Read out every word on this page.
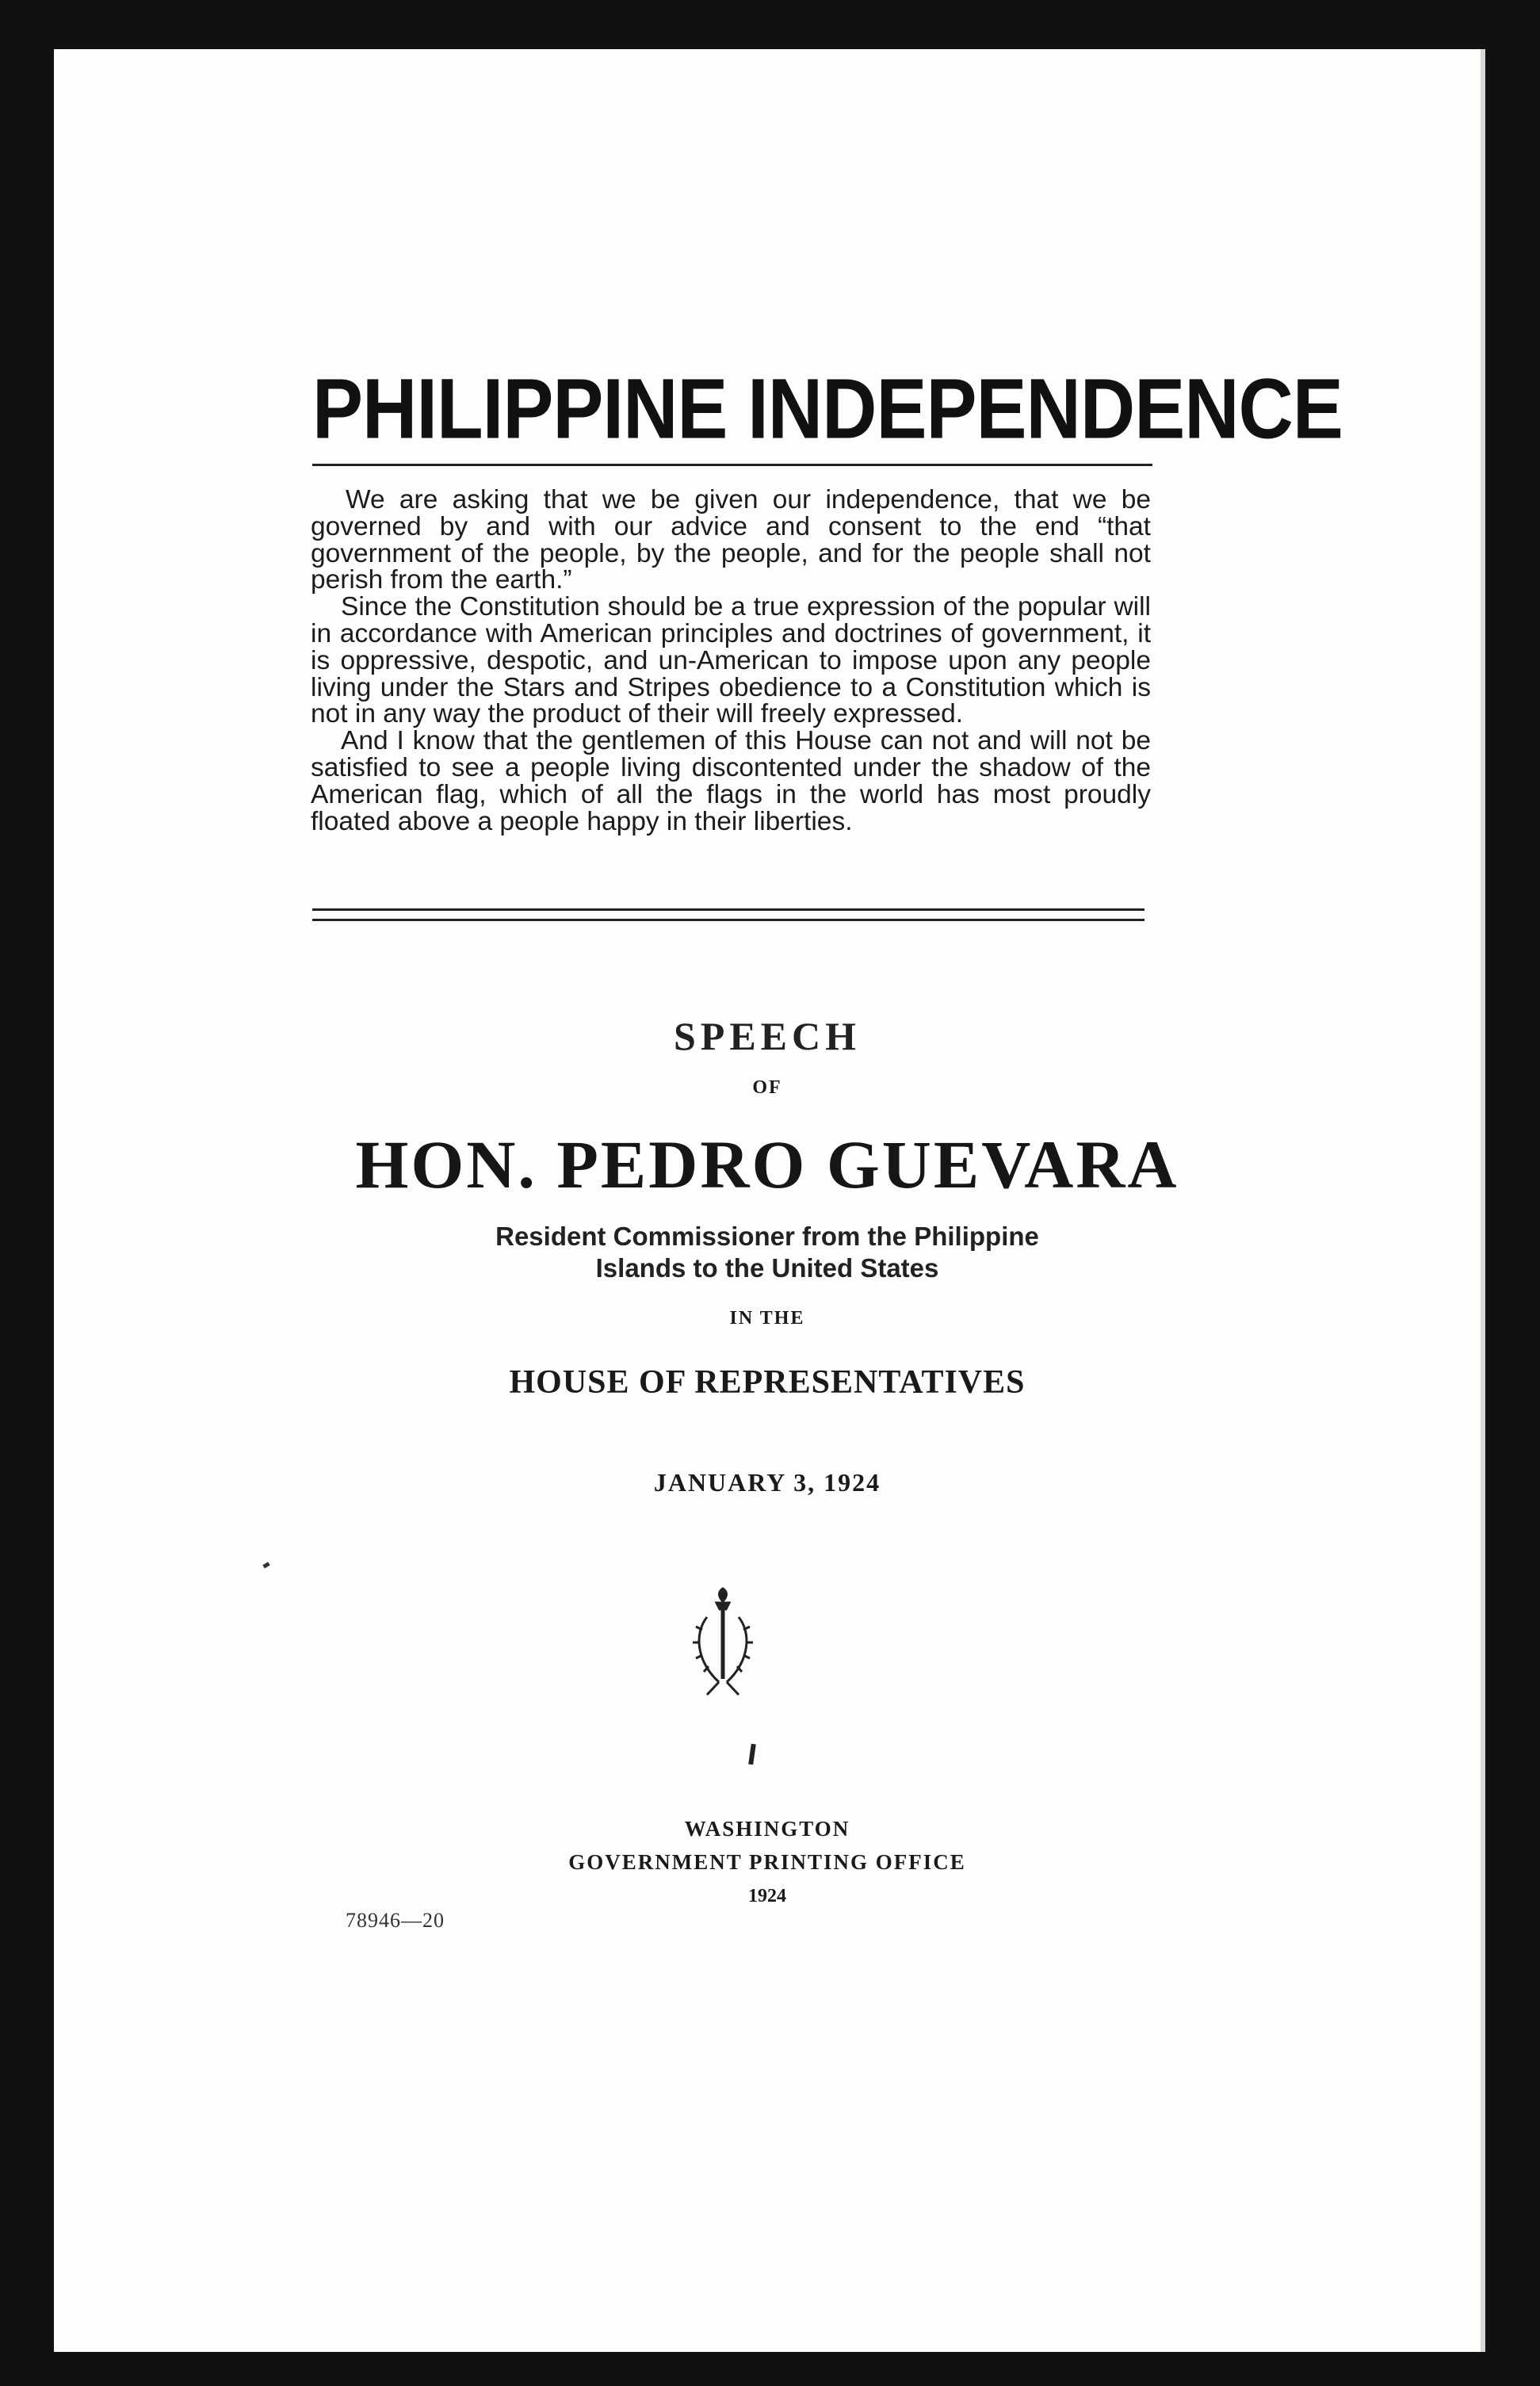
PHILIPPINE INDEPENDENCE

We are asking that we be given our independence, that we be governed by and with our advice and consent to the end “that government of the people, by the people, and for the people shall not perish from the earth.”

Since the Constitution should be a true expression of the popular will in accordance with American principles and doctrines of government, it is oppressive, despotic, and un-American to impose upon any people living under the Stars and Stripes obedience to a Constitution which is not in any way the product of their will freely expressed.

And I know that the gentlemen of this House can not and will not be satisfied to see a people living discontented under the shadow of the American flag, which of all the flags in the world has most proudly floated above a people happy in their liberties.

SPEECH
OF
HON. PEDRO GUEVARA
Resident Commissioner from the Philippine
Islands to the United States
IN THE
HOUSE OF REPRESENTATIVES
JANUARY 3, 1924
WASHINGTON
GOVERNMENT PRINTING OFFICE
1924
78946—20
